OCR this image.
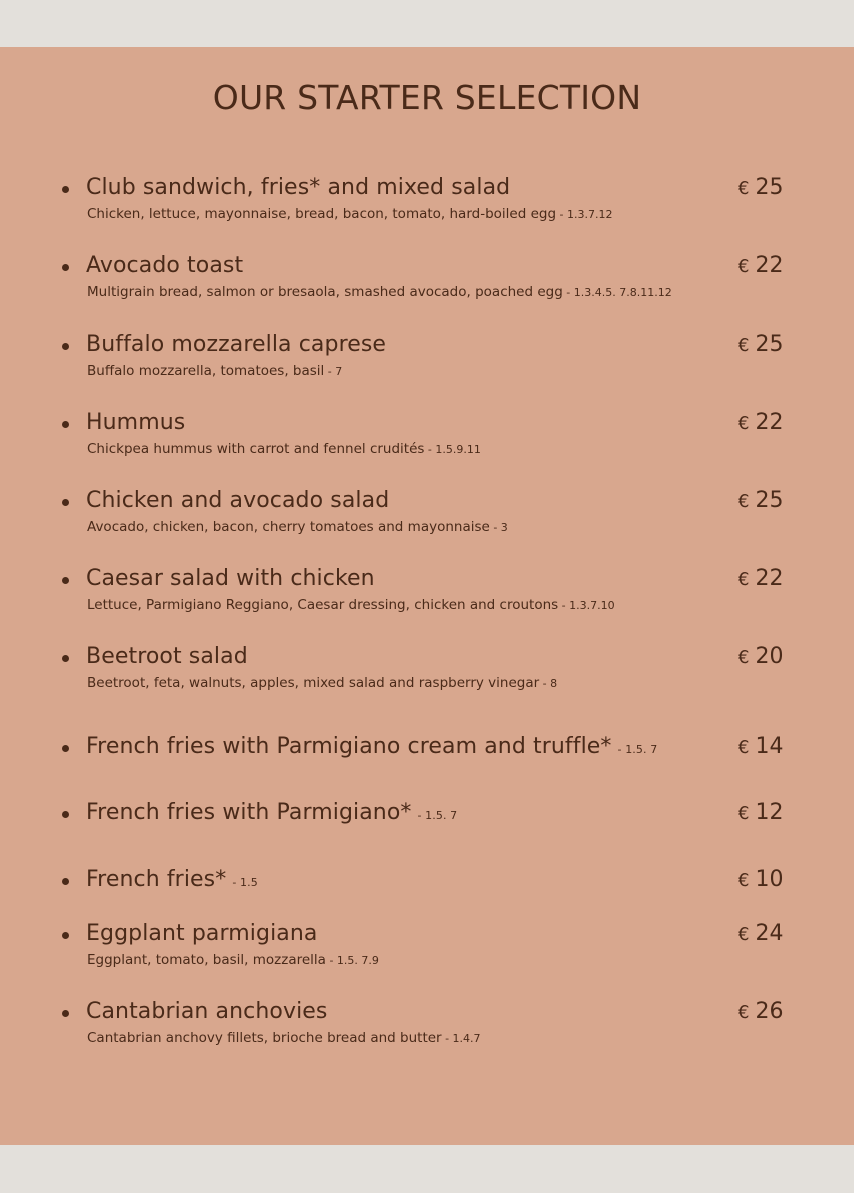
OUR STARTER SELECTION
Club sandwich, fries* and mixed salad
Chicken, lettuce, mayonnaise, bread, bacon, tomato, hard-boiled egg - 1.3.7.12
€ 25
Avocado toast
Multigrain bread, salmon or bresaola, smashed avocado, poached egg - 1.3.4.5. 7.8.11.12
€ 22
Buffalo mozzarella caprese
Buffalo mozzarella, tomatoes, basil - 7
€ 25
Hummus
Chickpea hummus with carrot and fennel crudités - 1.5.9.11
€ 22
Chicken and avocado salad
Avocado, chicken, bacon, cherry tomatoes and mayonnaise - 3
€ 25
Caesar salad with chicken
Lettuce, Parmigiano Reggiano, Caesar dressing, chicken and croutons - 1.3.7.10
€ 22
Beetroot salad
Beetroot, feta, walnuts, apples, mixed salad and raspberry vinegar - 8
€ 20
French fries with Parmigiano cream and truffle* - 1.5. 7	€ 14
French fries with Parmigiano* - 1.5. 7	€ 12
French fries* - 1.5	€ 10
Eggplant parmigiana
Eggplant, tomato, basil, mozzarella - 1.5. 7.9
€ 24
Cantabrian anchovies
Cantabrian anchovy fillets, brioche bread and butter - 1.4.7
€ 26
